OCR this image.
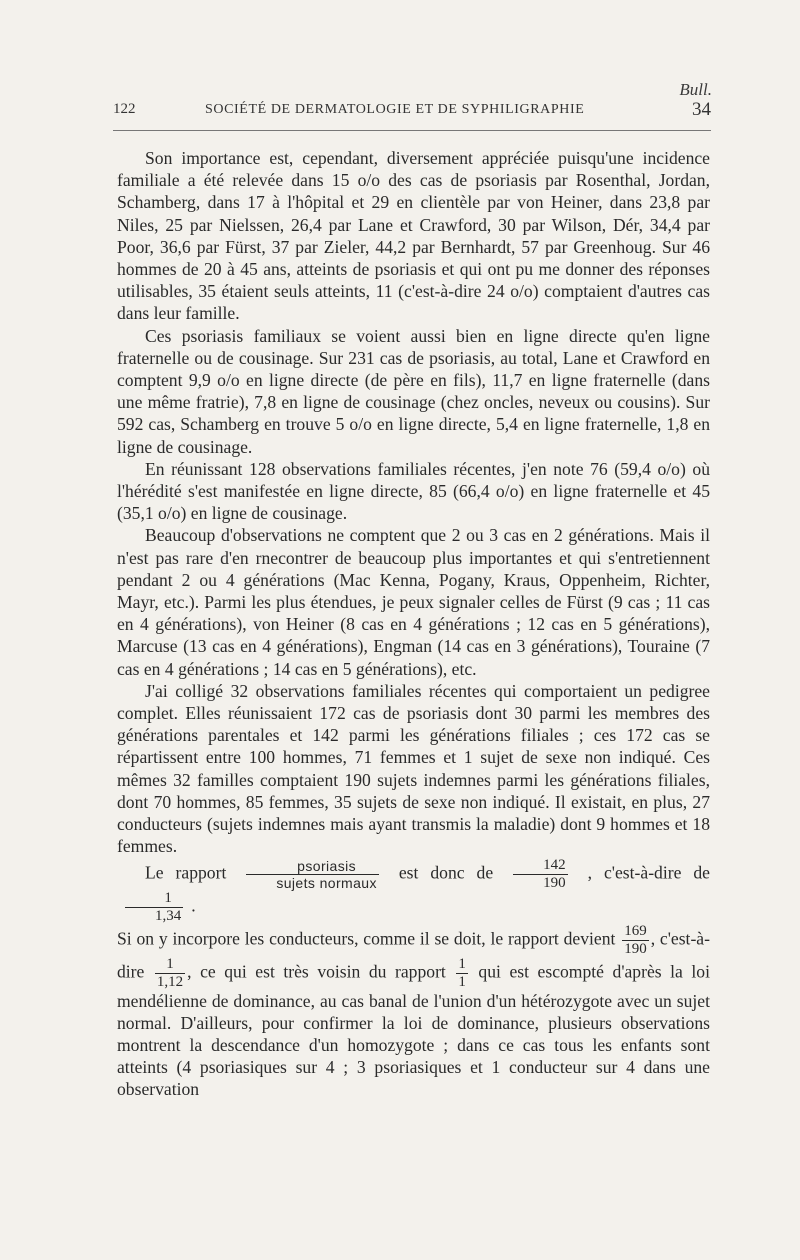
Bull.
122	SOCIÉTÉ DE DERMATOLOGIE ET DE SYPHILIGRAPHIE	34

Son importance est, cependant, diversement appréciée puisqu'une incidence familiale a été relevée dans 15 o/o des cas de psoriasis par Rosenthal, Jordan, Schamberg, dans 17 à l'hôpital et 29 en clientèle par von Heiner, dans 23,8 par Niles, 25 par Nielssen, 26,4 par Lane et Crawford, 30 par Wilson, Dér, 34,4 par Poor, 36,6 par Fürst, 37 par Zieler, 44,2 par Bernhardt, 57 par Greenhoug. Sur 46 hommes de 20 à 45 ans, atteints de psoriasis et qui ont pu me donner des réponses utilisables, 35 étaient seuls atteints, 11 (c'est-à-dire 24 o/o) comptaient d'autres cas dans leur famille.

Ces psoriasis familiaux se voient aussi bien en ligne directe qu'en ligne fraternelle ou de cousinage. Sur 231 cas de psoriasis, au total, Lane et Crawford en comptent 9,9 o/o en ligne directe (de père en fils), 11,7 en ligne fraternelle (dans une même fratrie), 7,8 en ligne de cousinage (chez oncles, neveux ou cousins). Sur 592 cas, Schamberg en trouve 5 o/o en ligne directe, 5,4 en ligne fraternelle, 1,8 en ligne de cousinage.

En réunissant 128 observations familiales récentes, j'en note 76 (59,4 o/o) où l'hérédité s'est manifestée en ligne directe, 85 (66,4 o/o) en ligne fraternelle et 45 (35,1 o/o) en ligne de cousinage.

Beaucoup d'observations ne comptent que 2 ou 3 cas en 2 générations. Mais il n'est pas rare d'en rnecontrer de beaucoup plus importantes et qui s'entretiennent pendant 2 ou 4 générations (Mac Kenna, Pogany, Kraus, Oppenheim, Richter, Mayr, etc.). Parmi les plus étendues, je peux signaler celles de Fürst (9 cas ; 11 cas en 4 générations), von Heiner (8 cas en 4 générations ; 12 cas en 5 générations), Marcuse (13 cas en 4 générations), Engman (14 cas en 3 générations), Touraine (7 cas en 4 générations ; 14 cas en 5 générations), etc.

J'ai colligé 32 observations familiales récentes qui comportaient un pedigree complet. Elles réunissaient 172 cas de psoriasis dont 30 parmi les membres des générations parentales et 142 parmi les générations filiales ; ces 172 cas se répartissent entre 100 hommes, 71 femmes et 1 sujet de sexe non indiqué. Ces mêmes 32 familles comptaient 190 sujets indemnes parmi les générations filiales, dont 70 hommes, 85 femmes, 35 sujets de sexe non indiqué. Il existait, en plus, 27 conducteurs (sujets indemnes mais ayant transmis la maladie) dont 9 hommes et 18 femmes.

Le rapport $\frac{\text{psoriasis}}{\text{sujets normaux}}$ est donc de $\frac{142}{190}$ , c'est-à-dire de
$\frac{1}{1,34}$ .

Si on y incorpore les conducteurs, comme il se doit, le rapport devient $\frac{169}{190}$ , c'est-à-dire $\frac{1}{1,12}$ , ce qui est très voisin du rapport $\frac{1}{1}$ qui est escompté d'après la loi mendélienne de dominance, au cas banal de l'union d'un hétérozygote avec un sujet normal. D'ailleurs, pour confirmer la loi de dominance, plusieurs observations montrent la descendance d'un homozygote ; dans ce cas tous les enfants sont atteints (4 psoriasiques sur 4 ; 3 psoriasiques et 1 conducteur sur 4 dans une observation
